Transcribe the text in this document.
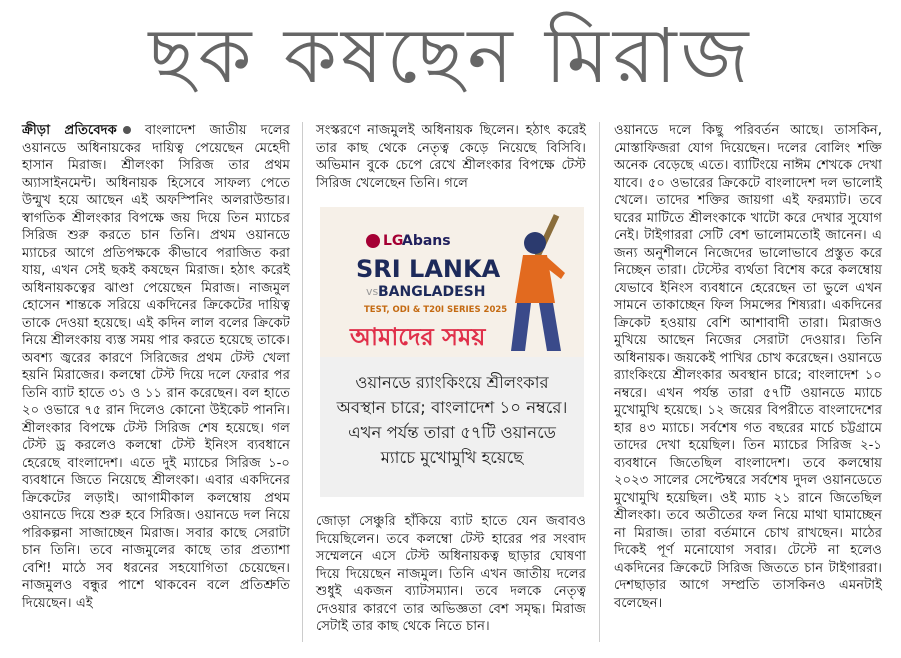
ছক কষছেন মিরাজ

ক্রীড়া প্রতিবেদক বাংলাদেশ জাতীয় দলের ওয়ানডে অধিনায়কের দায়িত্ব পেয়েছেন মেহেদী হাসান মিরাজ। শ্রীলংকা সিরিজ তার প্রথম অ্যাসাইনমেন্ট। অধিনায়ক হিসেবে সাফল্য পেতে উন্মুখ হয়ে আছেন এই অফস্পিনিং অলরাউন্ডার। স্বাগতিক শ্রীলংকার বিপক্ষে জয় দিয়ে তিন ম্যাচের সিরিজ শুরু করতে চান তিনি। প্রথম ওয়ানডে ম্যাচের আগে প্রতিপক্ষকে কীভাবে পরাজিত করা যায়, এখন সেই ছকই কষছেন মিরাজ। হঠাৎ করেই অধিনায়কত্বের ঝাণ্ডা পেয়েছেন মিরাজ। নাজমুল হোসেন শান্তকে সরিয়ে একদিনের ক্রিকেটের দায়িত্ব তাকে দেওয়া হয়েছে। এই কদিন লাল বলের ক্রিকেট নিয়ে শ্রীলংকায় ব্যস্ত সময় পার করতে হয়েছে তাকে। অবশ্য জ্বরের কারণে সিরিজের প্রথম টেস্ট খেলা হয়নি মিরাজের। কলম্বো টেস্ট দিয়ে দলে ফেরার পর তিনি ব্যাট হাতে ৩১ ও ১১ রান করেছেন। বল হাতে ২০ ওভারে ৭৫ রান দিলেও কোনো উইকেট পাননি। শ্রীলংকার বিপক্ষে টেস্ট সিরিজ শেষ হয়েছে। গল টেস্ট ড্র করলেও কলম্বো টেস্ট ইনিংস ব্যবধানে হেরেছে বাংলাদেশ। এতে দুই ম্যাচের সিরিজ ১-০ ব্যবধানে জিতে নিয়েছে শ্রীলংকা। এবার একদিনের ক্রিকেটের লড়াই। আগামীকাল কলম্বোয় প্রথম ওয়ানডে দিয়ে শুরু হবে সিরিজ। ওয়ানডে দল নিয়ে পরিকল্পনা সাজাচ্ছেন মিরাজ। সবার কাছে সেরাটা চান তিনি। তবে নাজমুলের কাছে তার প্রত্যাশা বেশি! মাঠে সব ধরনের সহযোগিতা চেয়েছেন। নাজমুলও বন্ধুর পাশে থাকবেন বলে প্রতিশ্রুতি দিয়েছেন। এই

সংস্করণে নাজমুলই অধিনায়ক ছিলেন। হঠাৎ করেই তার কাছ থেকে নেতৃত্ব কেড়ে নিয়েছে বিসিবি। অভিমান বুকে চেপে রেখে শ্রীলংকার বিপক্ষে টেস্ট সিরিজ খেলেছেন তিনি। গলে

LG
Abans
SRI LANKA
vs BANGLADESH
TEST, ODI & T20I SERIES 2025
আমাদের সময়
ওয়ানডে র‍্যাংকিংয়ে শ্রীলংকার অবস্থান চারে; বাংলাদেশ ১০ নম্বরে। এখন পর্যন্ত তারা ৫৭টি ওয়ানডে ম্যাচে মুখোমুখি হয়েছে

জোড়া সেঞ্চুরি হাঁকিয়ে ব্যাট হাতে যেন জবাবও দিয়েছিলেন। তবে কলম্বো টেস্ট হারের পর সংবাদ সম্মেলনে এসে টেস্ট অধিনায়কত্ব ছাড়ার ঘোষণা দিয়ে দিয়েছেন নাজমুল। তিনি এখন জাতীয় দলের শুধুই একজন ব্যাটসম্যান। তবে দলকে নেতৃত্ব দেওয়ার কারণে তার অভিজ্ঞতা বেশ সমৃদ্ধ। মিরাজ সেটাই তার কাছ থেকে নিতে চান।

ওয়ানডে দলে কিছু পরিবর্তন আছে। তাসকিন, মোস্তাফিজরা যোগ দিয়েছেন। দলের বোলিং শক্তি অনেক বেড়েছে এতে। ব্যাটিংয়ে নাঈম শেখকে দেখা যাবে। ৫০ ওভারের ক্রিকেটে বাংলাদেশ দল ভালোই খেলে। তাদের শক্তির জায়গা এই ফরম্যাট। তবে ঘরের মাটিতে শ্রীলংকাকে খাটো করে দেখার সুযোগ নেই। টাইগাররা সেটি বেশ ভালোমতোই জানেন। এ জন্য অনুশীলনে নিজেদের ভালোভাবে প্রস্তুত করে নিচ্ছেন তারা। টেস্টের ব্যর্থতা বিশেষ করে কলম্বোয় যেভাবে ইনিংস ব্যবধানে হেরেছেন তা ভুলে এখন সামনে তাকাচ্ছেন ফিল সিমন্সের শিষ্যরা। একদিনের ক্রিকেট হওয়ায় বেশি আশাবাদী তারা। মিরাজও মুখিয়ে আছেন নিজের সেরাটা দেওয়ার। তিনি অধিনায়ক। জয়কেই পাখির চোখ করেছেন। ওয়ানডে র‍্যাংকিংয়ে শ্রীলংকার অবস্থান চারে; বাংলাদেশ ১০ নম্বরে। এখন পর্যন্ত তারা ৫৭টি ওয়ানডে ম্যাচে মুখোমুখি হয়েছে। ১২ জয়ের বিপরীতে বাংলাদেশের হার ৪৩ ম্যাচে। সর্বশেষ গত বছরের মার্চে চট্টগ্রামে তাদের দেখা হয়েছিল। তিন ম্যাচের সিরিজ ২-১ ব্যবধানে জিতেছিল বাংলাদেশ। তবে কলম্বোয় ২০২৩ সালের সেপ্টেম্বরে সর্বশেষ দুদল ওয়ানডেতে মুখোমুখি হয়েছিল। ওই ম্যাচ ২১ রানে জিতেছিল শ্রীলংকা। তবে অতীতের ফল নিয়ে মাথা ঘামাচ্ছেন না মিরাজ। তারা বর্তমানে চোখ রাখছেন। মাঠের দিকেই পূর্ণ মনোযোগ সবার। টেস্টে না হলেও একদিনের ক্রিকেটে সিরিজ জিততে চান টাইগাররা। দেশছাড়ার আগে সম্প্রতি তাসকিনও এমনটাই বলেছেন।
